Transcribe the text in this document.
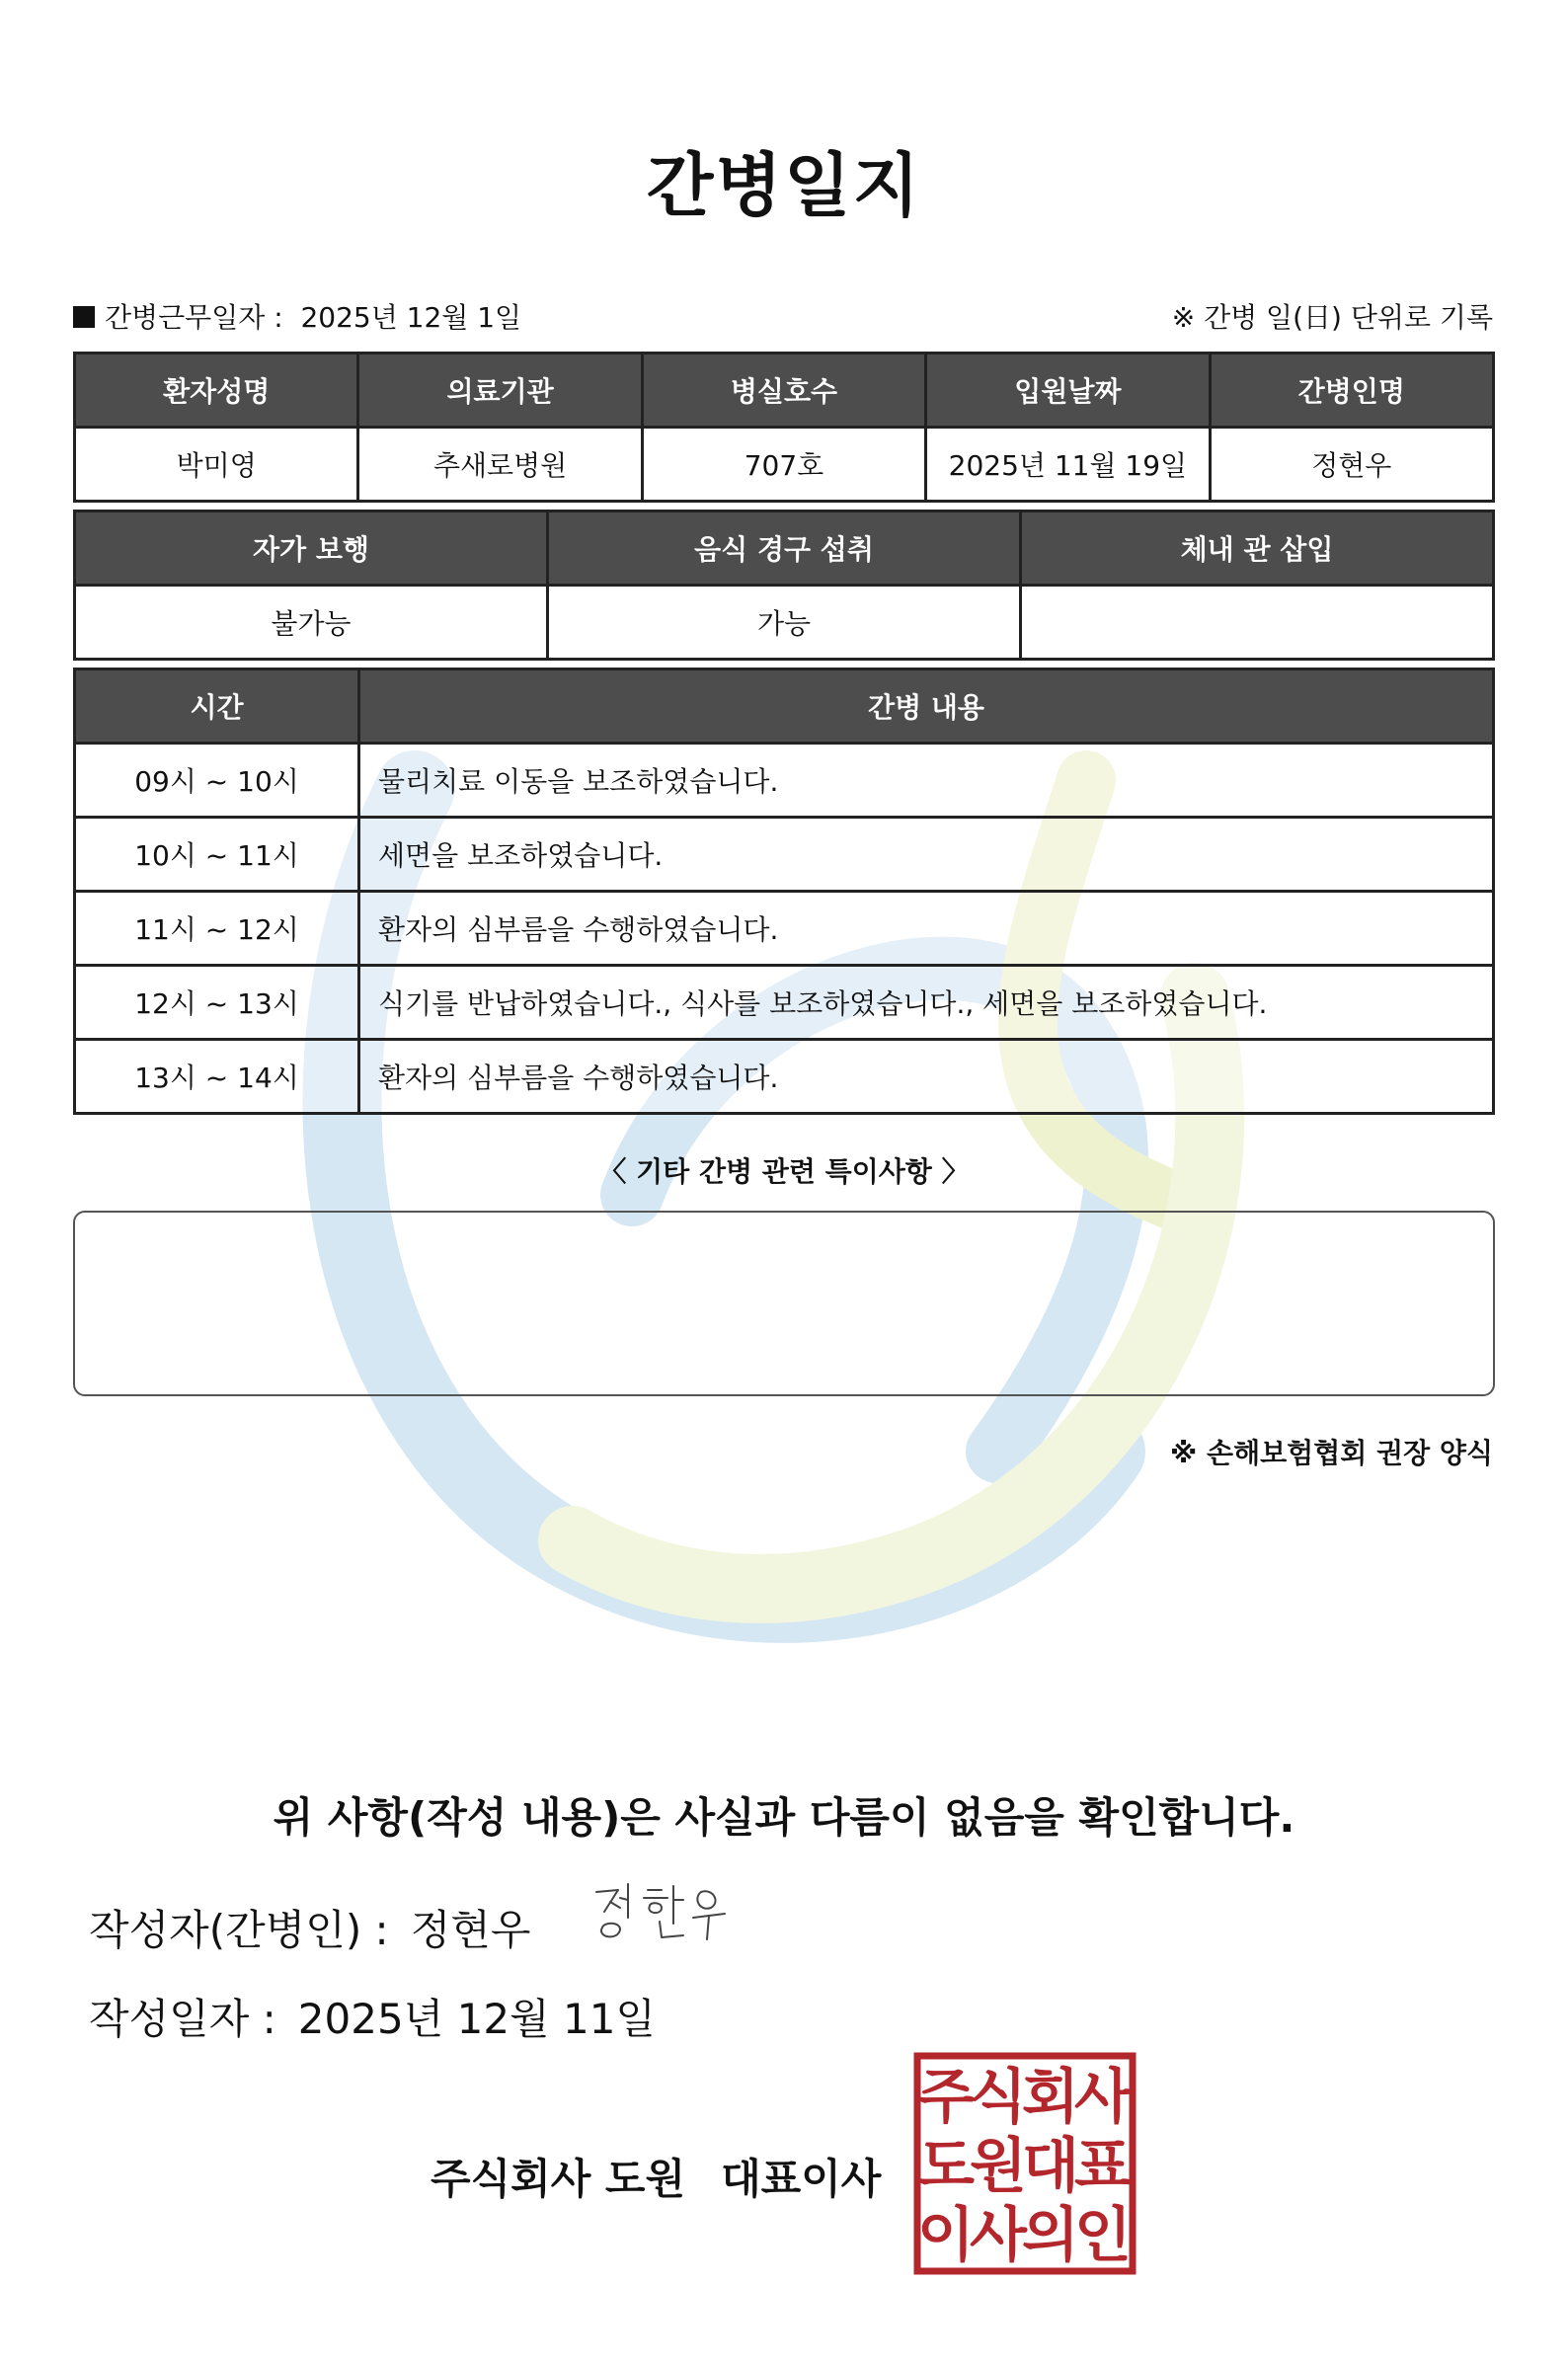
간병일지
간병근무일자 : 2025년 12월 1일	※ 간병 일(日) 단위로 기록
환자성명	의료기관	병실호수	입원날짜	간병인명
박미영	추새로병원	707호	2025년 11월 19일	정현우
자가 보행	음식 경구 섭취	체내 관 삽입
불가능	가능	
시간	간병 내용
09시 ~ 10시	물리치료 이동을 보조하였습니다.
10시 ~ 11시	세면을 보조하였습니다.
11시 ~ 12시	환자의 심부름을 수행하였습니다.
12시 ~ 13시	식기를 반납하였습니다., 식사를 보조하였습니다., 세면을 보조하였습니다.
13시 ~ 14시	환자의 심부름을 수행하였습니다.
〈 기타 간병 관련 특이사항 〉
※ 손해보험협회 권장 양식
위 사항(작성 내용)은 사실과 다름이 없음을 확인합니다.
작성자(간병인) : 정현우
작성일자 : 2025년 12월 11일
주식회사 도원 대표이사
주
식
회
사
도
원
대
표
이
사
의
인
